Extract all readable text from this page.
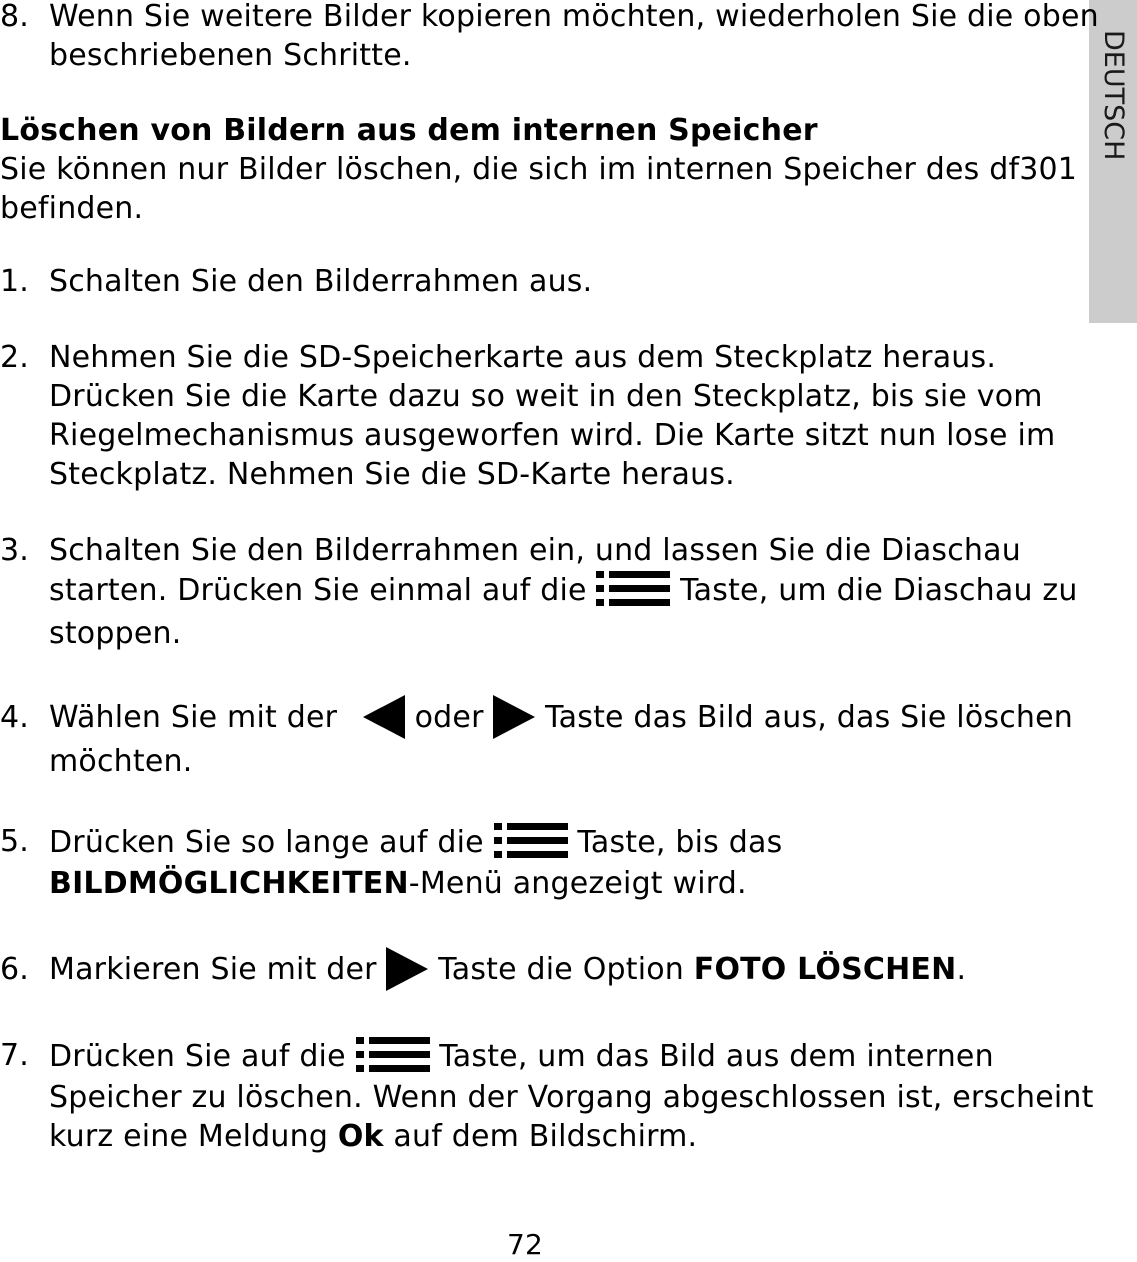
DEUTSCH
8. Wenn Sie weitere Bilder kopieren möchten, wiederholen Sie die oben
beschriebenen Schritte.
Löschen von Bildern aus dem internen Speicher
Sie können nur Bilder löschen, die sich im internen Speicher des df301
befinden.
1. Schalten Sie den Bilderrahmen aus.
2. Nehmen Sie die SD-Speicherkarte aus dem Steckplatz heraus.
Drücken Sie die Karte dazu so weit in den Steckplatz, bis sie vom
Riegelmechanismus ausgeworfen wird. Die Karte sitzt nun lose im
Steckplatz. Nehmen Sie die SD-Karte heraus.
3. Schalten Sie den Bilderrahmen ein, und lassen Sie die Diaschau
starten. Drücken Sie einmal auf die  Taste, um die Diaschau zu
stoppen.
4. Wählen Sie mit der  oder  Taste das Bild aus, das Sie löschen
möchten.
5. Drücken Sie so lange auf die  Taste, bis das
BILDMÖGLICHKEITEN-Menü angezeigt wird.
6. Markieren Sie mit der  Taste die Option FOTO LÖSCHEN.
7. Drücken Sie auf die  Taste, um das Bild aus dem internen
Speicher zu löschen. Wenn der Vorgang abgeschlossen ist, erscheint
kurz eine Meldung Ok auf dem Bildschirm.
72
